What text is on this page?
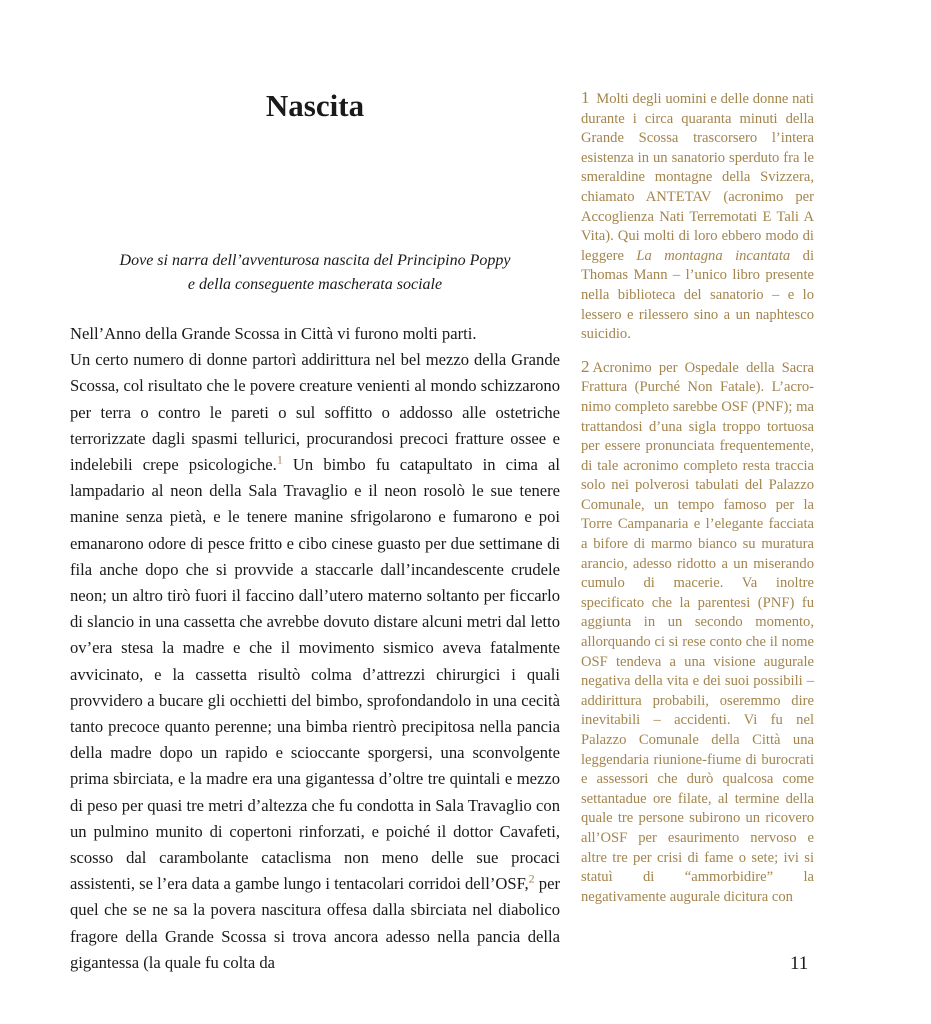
Nascita
Dove si narra dell’avventurosa nascita del Principino Poppy
e della conseguente mascherata sociale

Nell’Anno della Grande Scossa in Città vi furono molti parti.

Un certo numero di donne partorì addirittura nel bel mezzo della Grande Scossa, col risultato che le povere creature venienti al mondo schizzarono per terra o contro le pareti o sul soffitto o addosso alle ostetriche terrorizzate dagli spasmi tellurici, procurandosi precoci fratture ossee e indelebili crepe psicologiche.$^1$ Un bimbo fu catapultato in cima al lampadario al neon della Sala Travaglio e il neon rosolò le sue tenere manine senza pietà, e le tenere manine sfrigolarono e fumarono e poi emanarono odore di pesce fritto e cibo cinese guasto per due settimane di fila anche dopo che si provvide a staccarle dall’incandescente crudele neon; un altro tirò fuori il faccino dall’utero materno soltanto per ficcarlo di slancio in una cassetta che avrebbe dovuto distare alcuni metri dal letto ov’era stesa la madre e che il movimento sismico aveva fatalmente avvicinato, e la cassetta risultò colma d’attrezzi chirurgici i quali provvidero a bucare gli occhietti del bimbo, sprofondandolo in una cecità tanto precoce quanto perenne; una bimba rientrò precipitosa nella pancia della madre dopo un rapido e scioccante sporgersi, una sconvolgente prima sbirciata, e la madre era una gigantessa d’oltre tre quintali e mezzo di peso per quasi tre metri d’altezza che fu condotta in Sala Travaglio con un pulmino munito di copertoni rinforzati, e poiché il dottor Cavafeti, scosso dal carambolante cataclisma non meno delle sue procaci assistenti, se l’era data a gambe lungo i tentacolari corridoi dell’OSF,$^2$ per quel che se ne sa la povera nascitura offesa dalla sbirciata nel diabolico fragore della Grande Scossa si trova ancora adesso nella pancia della gigantessa (la quale fu colta da

1 Molti degli uomini e delle donne nati durante i circa quaranta minuti della Grande Scossa trascorsero l’intera esistenza in un sanatorio sperduto fra le smeraldine montagne della Svizzera, chiamato ANTETAV (acronimo per Accoglienza Nati Terremotati E Tali A Vita). Qui molti di loro ebbero modo di leggere La montagna incantata di Thomas Mann – l’unico libro presente nella biblioteca del sanatorio – e lo lessero e rilessero sino a un naphtesco suicidio.

2 Acronimo per Ospedale della Sacra Frattura (Purché Non Fatale). L’acronimo completo sarebbe OSF (PNF); ma trattandosi d’una sigla troppo tortuosa per essere pronunciata frequentemente, di tale acronimo completo resta traccia solo nei polverosi tabulati del Palazzo Comunale, un tempo famoso per la Torre Campanaria e l’elegante facciata a bifore di marmo bianco su muratura arancio, adesso ridotto a un miserando cumulo di macerie. Va inoltre specificato che la parentesi (PNF) fu aggiunta in un secondo momento, allorquando ci si rese conto che il nome OSF tendeva a una visione augurale negativa della vita e dei suoi possibili – addirittura probabili, oseremmo dire inevitabili – accidenti. Vi fu nel Palazzo Comunale della Città una leggendaria riunione-fiume di burocrati e assessori che durò qualcosa come settantadue ore filate, al termine della quale tre persone subirono un ricovero all’OSF per esaurimento nervoso e altre tre per crisi di fame o sete; ivi si statuì di “ammorbidire” la negativamente augurale dicitura con

11
